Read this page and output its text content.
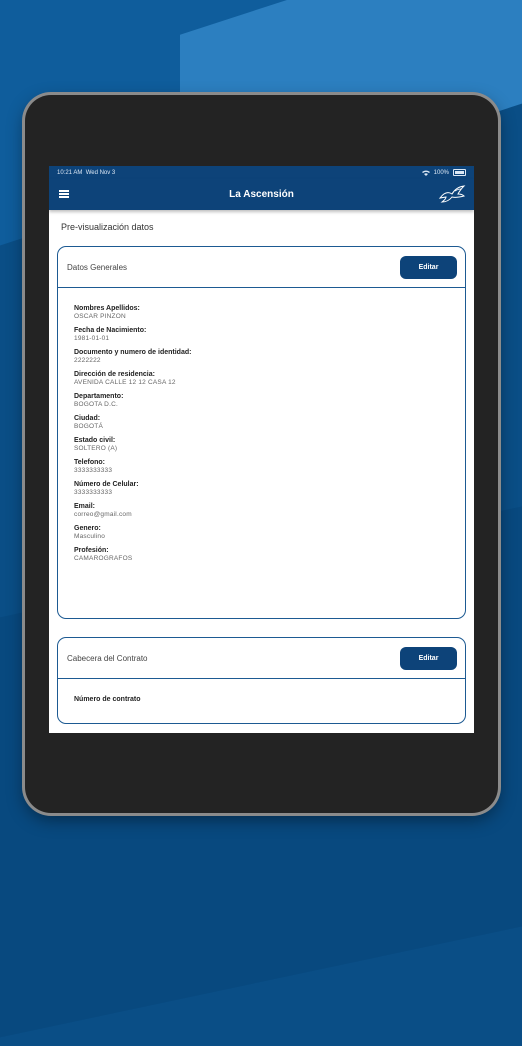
10:21 AM Wed Nov 3	100%
La Ascensión
Pre-visualización datos
Datos Generales	Editar
Nombres Apellidos:
OSCAR PINZON
Fecha de Nacimiento:
1981-01-01
Documento y numero de identidad:
2222222
Dirección de residencia:
AVENIDA CALLE 12 12 CASA 12
Departamento:
BOGOTA D.C.
Ciudad:
BOGOTÁ
Estado civil:
SOLTERO (A)
Telefono:
3333333333
Número de Celular:
3333333333
Email:
correo@gmail.com
Genero:
Masculino
Profesión:
CAMAROGRAFOS
Cabecera del Contrato	Editar
Número de contrato
